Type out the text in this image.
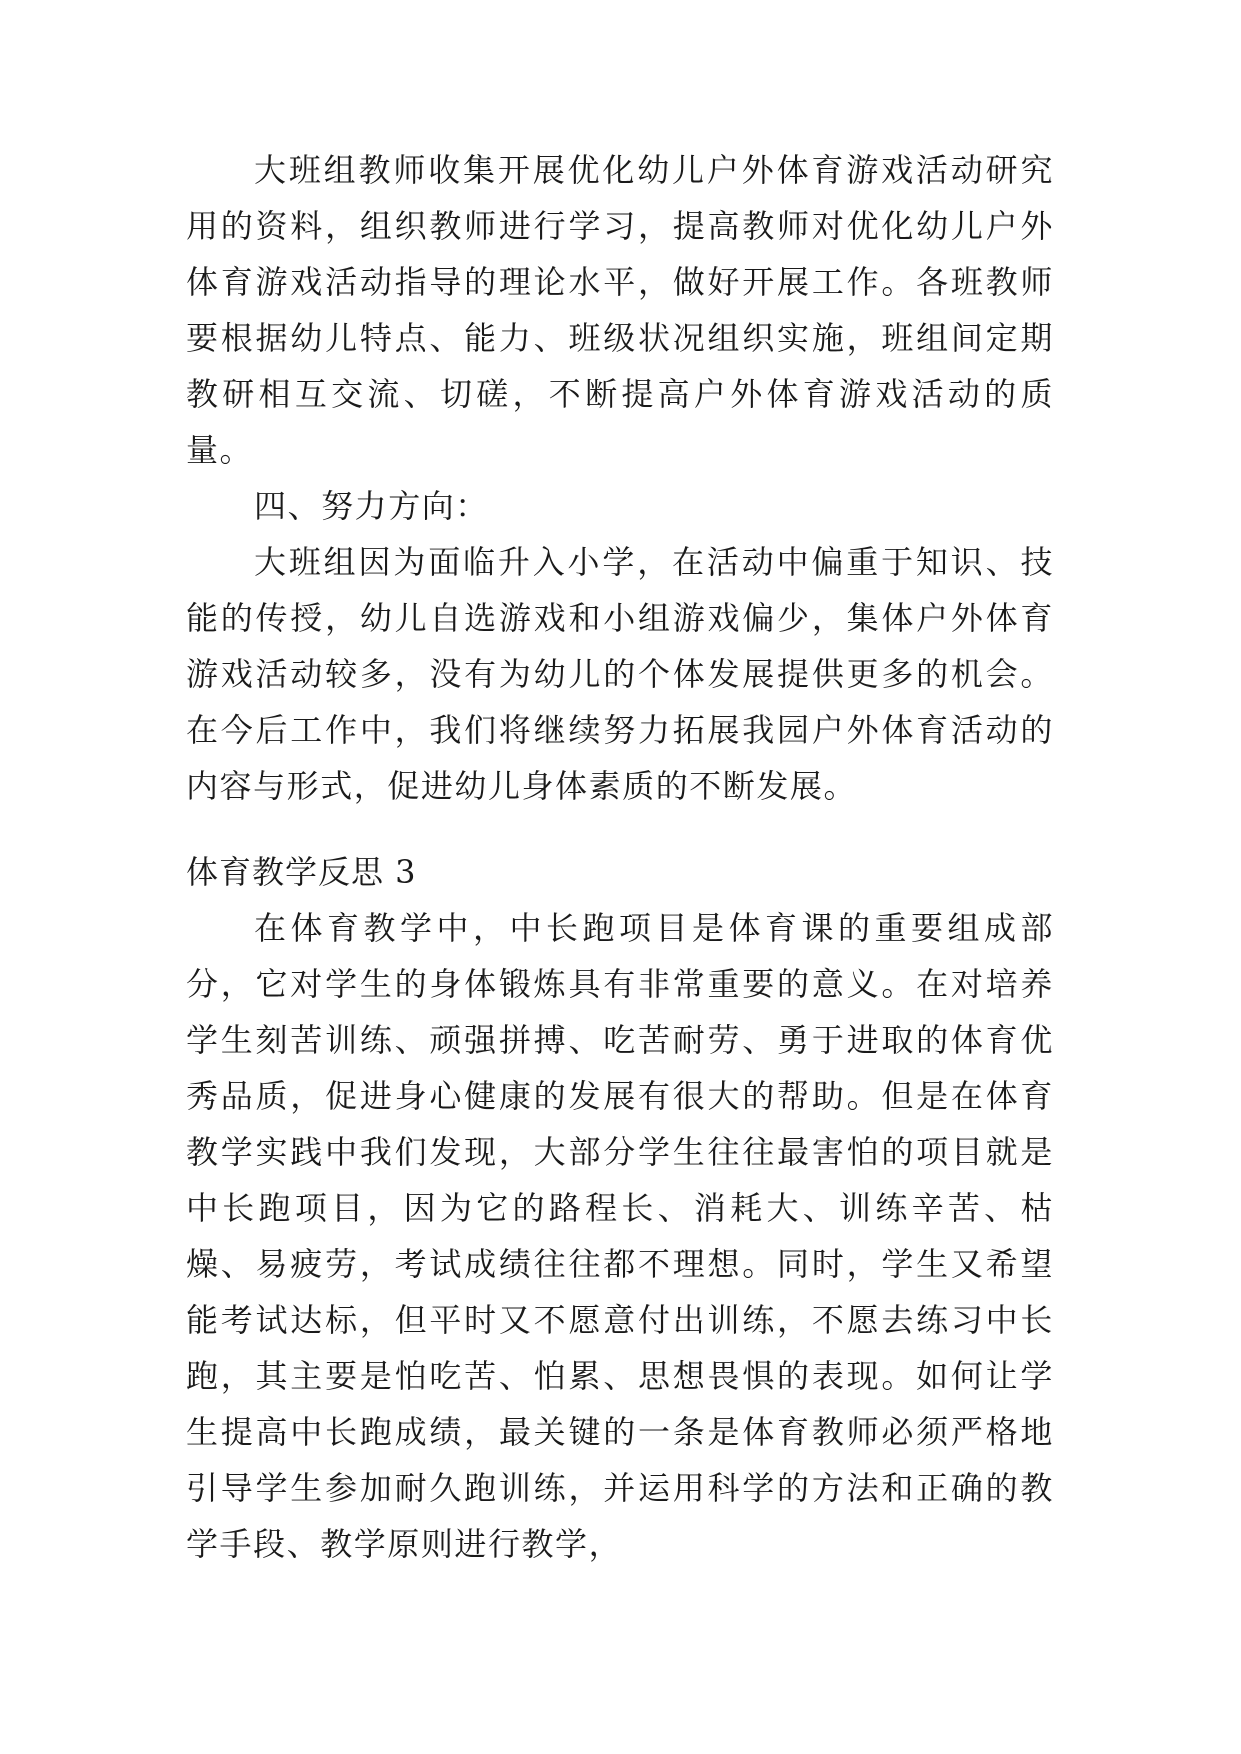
大班组教师收集开展优化幼儿户外体育游戏活动研究用的资料，组织教师进行学习，提高教师对优化幼儿户外体育游戏活动指导的理论水平，做好开展工作。各班教师要根据幼儿特点、能力、班级状况组织实施，班组间定期教研相互交流、切磋，不断提高户外体育游戏活动的质量。

四、努力方向：

大班组因为面临升入小学，在活动中偏重于知识、技能的传授，幼儿自选游戏和小组游戏偏少，集体户外体育游戏活动较多，没有为幼儿的个体发展提供更多的机会。在今后工作中，我们将继续努力拓展我园户外体育活动的内容与形式，促进幼儿身体素质的不断发展。

体育教学反思 3

在体育教学中，中长跑项目是体育课的重要组成部分，它对学生的身体锻炼具有非常重要的意义。在对培养学生刻苦训练、顽强拼搏、吃苦耐劳、勇于进取的体育优秀品质，促进身心健康的发展有很大的帮助。但是在体育教学实践中我们发现，大部分学生往往最害怕的项目就是中长跑项目，因为它的路程长、消耗大、训练辛苦、枯燥、易疲劳，考试成绩往往都不理想。同时，学生又希望能考试达标，但平时又不愿意付出训练，不愿去练习中长跑，其主要是怕吃苦、怕累、思想畏惧的表现。如何让学生提高中长跑成绩，最关键的一条是体育教师必须严格地引导学生参加耐久跑训练，并运用科学的方法和正确的教学手段、教学原则进行教学，
